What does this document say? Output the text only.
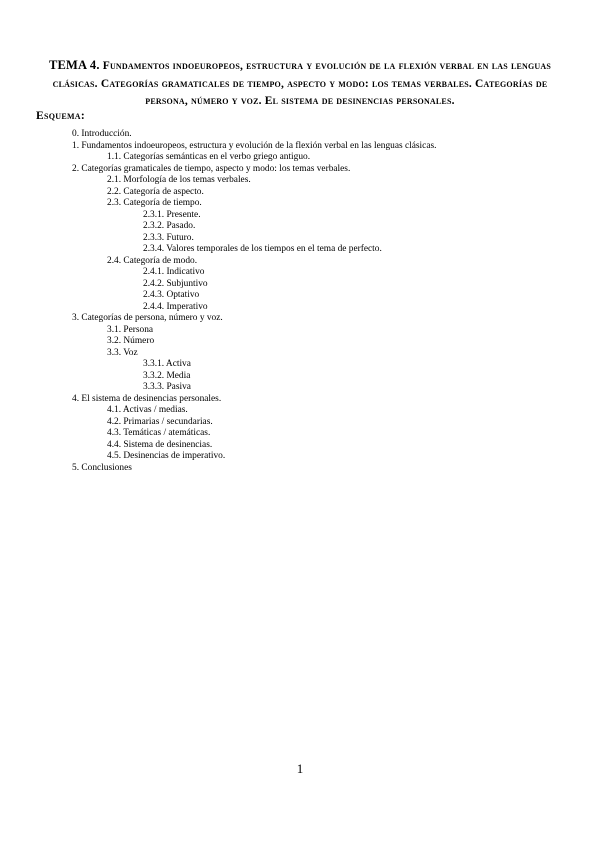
TEMA 4. Fundamentos indoeuropeos, estructura y evolución de la flexión verbal en las lenguas clásicas. Categorías gramaticales de tiempo, aspecto y modo: los temas verbales. Categorías de persona, número y voz. El sistema de desinencias personales.
Esquema:
0. Introducción.
1. Fundamentos indoeuropeos, estructura y evolución de la flexión verbal en las lenguas clásicas.
1.1. Categorías semánticas en el verbo griego antiguo.
2. Categorías gramaticales de tiempo, aspecto y modo: los temas verbales.
2.1. Morfología de los temas verbales.
2.2. Categoría de aspecto.
2.3. Categoría de tiempo.
2.3.1. Presente.
2.3.2. Pasado.
2.3.3. Futuro.
2.3.4. Valores temporales de los tiempos en el tema de perfecto.
2.4. Categoría de modo.
2.4.1. Indicativo
2.4.2. Subjuntivo
2.4.3. Optativo
2.4.4. Imperativo
3. Categorías de persona, número y voz.
3.1. Persona
3.2. Número
3.3. Voz
3.3.1. Activa
3.3.2. Media
3.3.3. Pasiva
4. El sistema de desinencias personales.
4.1. Activas / medias.
4.2. Primarias / secundarias.
4.3. Temáticas / atemáticas.
4.4. Sistema de desinencias.
4.5. Desinencias de imperativo.
5. Conclusiones
1
